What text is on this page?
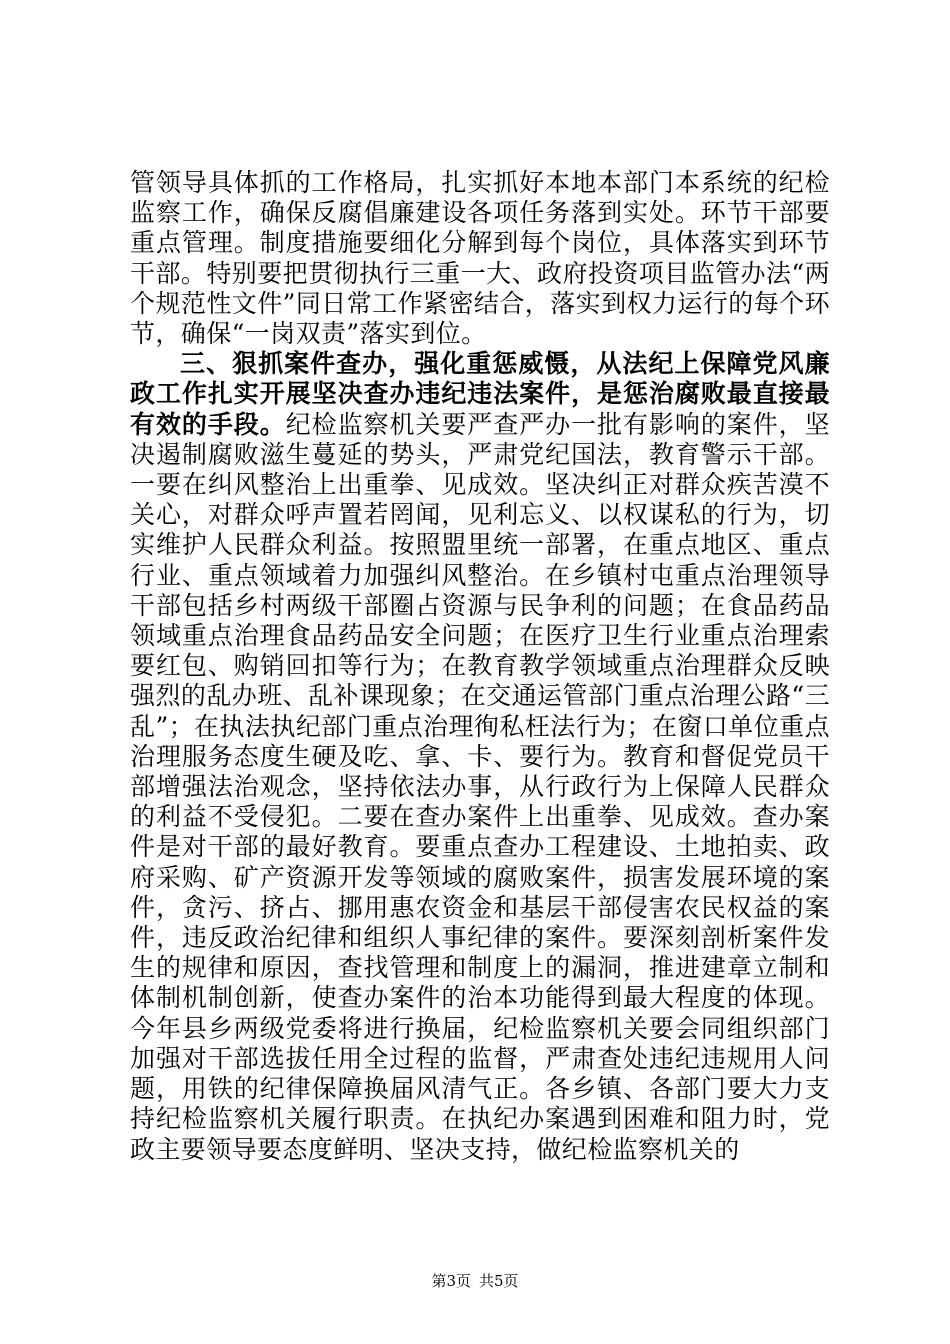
管领导具体抓的工作格局，扎实抓好本地本部门本系统的纪检监察工作，确保反腐倡廉建设各项任务落到实处。环节干部要重点管理。制度措施要细化分解到每个岗位，具体落实到环节干部。特别要把贯彻执行三重一大、政府投资项目监管办法“两个规范性文件”同日常工作紧密结合，落实到权力运行的每个环节，确保“一岗双责”落实到位。

三、狠抓案件查办，强化重惩威慑，从法纪上保障党风廉政工作扎实开展坚决查办违纪违法案件，是惩治腐败最直接最有效的手段。纪检监察机关要严查严办一批有影响的案件，坚决遏制腐败滋生蔓延的势头，严肃党纪国法，教育警示干部。一要在纠风整治上出重拳、见成效。坚决纠正对群众疾苦漠不关心，对群众呼声置若罔闻，见利忘义、以权谋私的行为，切实维护人民群众利益。按照盟里统一部署，在重点地区、重点行业、重点领域着力加强纠风整治。在乡镇村屯重点治理领导干部包括乡村两级干部圈占资源与民争利的问题；在食品药品领域重点治理食品药品安全问题；在医疗卫生行业重点治理索要红包、购销回扣等行为；在教育教学领域重点治理群众反映强烈的乱办班、乱补课现象；在交通运管部门重点治理公路“三乱”；在执法执纪部门重点治理徇私枉法行为；在窗口单位重点治理服务态度生硬及吃、拿、卡、要行为。教育和督促党员干部增强法治观念，坚持依法办事，从行政行为上保障人民群众的利益不受侵犯。二要在查办案件上出重拳、见成效。查办案件是对干部的最好教育。要重点查办工程建设、土地拍卖、政府采购、矿产资源开发等领域的腐败案件，损害发展环境的案件，贪污、挤占、挪用惠农资金和基层干部侵害农民权益的案件，违反政治纪律和组织人事纪律的案件。要深刻剖析案件发生的规律和原因，查找管理和制度上的漏洞，推进建章立制和体制机制创新，使查办案件的治本功能得到最大程度的体现。今年县乡两级党委将进行换届，纪检监察机关要会同组织部门加强对干部选拔任用全过程的监督，严肃查处违纪违规用人问题，用铁的纪律保障换届风清气正。各乡镇、各部门要大力支持纪检监察机关履行职责。在执纪办案遇到困难和阻力时，党政主要领导要态度鲜明、坚决支持，做纪检监察机关的

第3页 共5页
